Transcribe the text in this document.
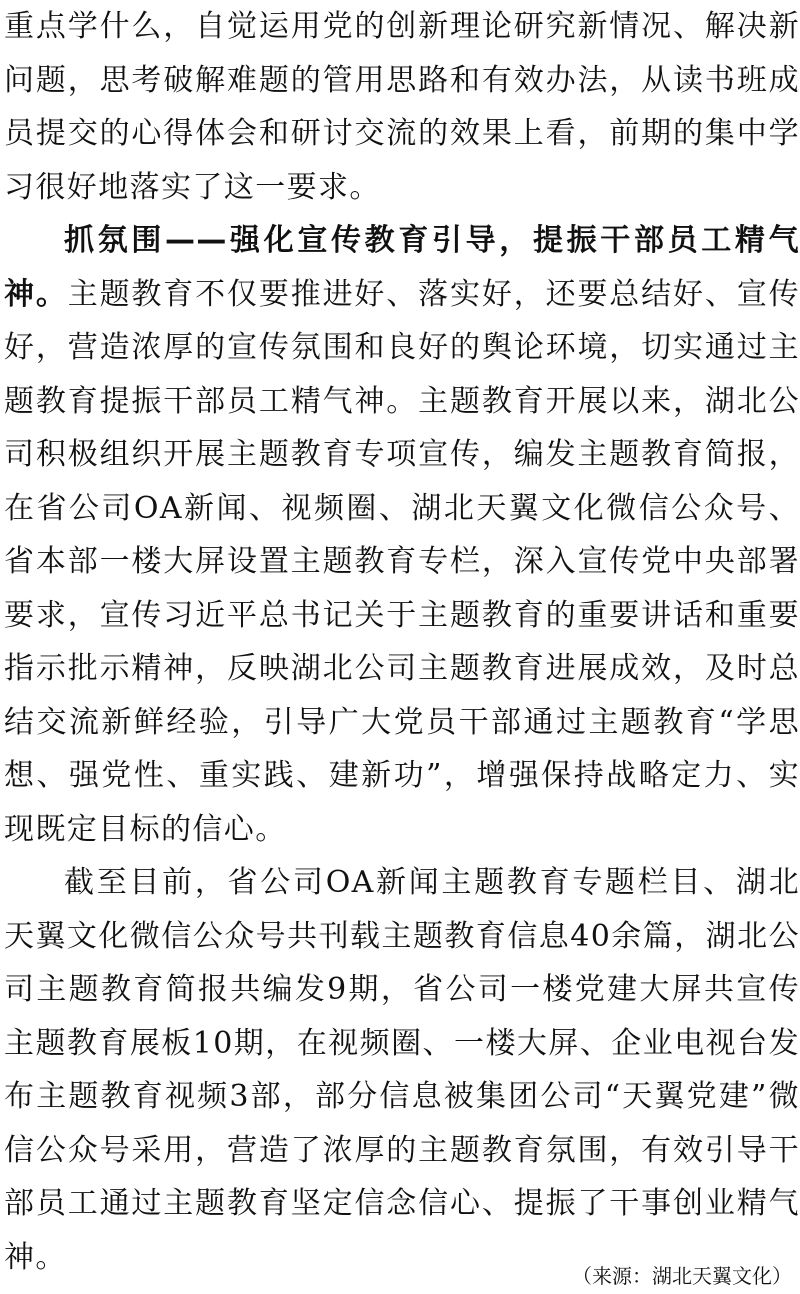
重点学什么，自觉运用党的创新理论研究新情况、解决新问题，思考破解难题的管用思路和有效办法，从读书班成员提交的心得体会和研讨交流的效果上看，前期的集中学习很好地落实了这一要求。

抓氛围——强化宣传教育引导，提振干部员工精气神。主题教育不仅要推进好、落实好，还要总结好、宣传好，营造浓厚的宣传氛围和良好的舆论环境，切实通过主题教育提振干部员工精气神。主题教育开展以来，湖北公司积极组织开展主题教育专项宣传，编发主题教育简报，在省公司OA新闻、视频圈、湖北天翼文化微信公众号、省本部一楼大屏设置主题教育专栏，深入宣传党中央部署要求，宣传习近平总书记关于主题教育的重要讲话和重要指示批示精神，反映湖北公司主题教育进展成效，及时总结交流新鲜经验，引导广大党员干部通过主题教育“学思想、强党性、重实践、建新功”，增强保持战略定力、实现既定目标的信心。

截至目前，省公司OA新闻主题教育专题栏目、湖北天翼文化微信公众号共刊载主题教育信息40余篇，湖北公司主题教育简报共编发9期，省公司一楼党建大屏共宣传主题教育展板10期，在视频圈、一楼大屏、企业电视台发布主题教育视频3部，部分信息被集团公司“天翼党建”微信公众号采用，营造了浓厚的主题教育氛围，有效引导干部员工通过主题教育坚定信念信心、提振了干事创业精气神。

（来源：湖北天翼文化）
